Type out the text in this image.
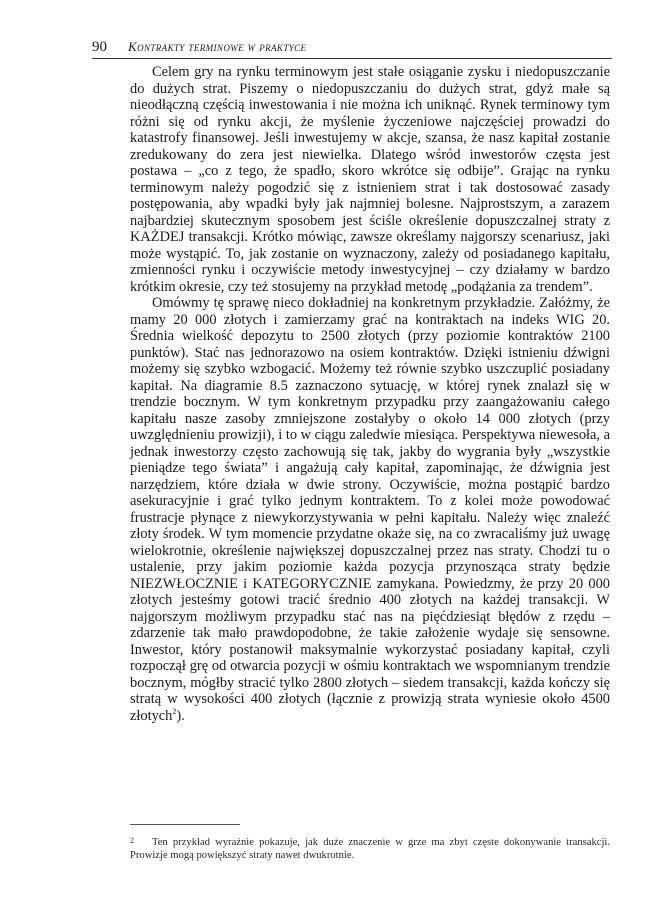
90 Kontrakty terminowe w praktyce

Celem gry na rynku terminowym jest stałe osiąganie zysku i niedopuszczanie do dużych strat. Piszemy o niedopuszczaniu do dużych strat, gdyż małe są nieodłączną częścią inwestowania i nie można ich uniknąć. Rynek terminowy tym różni się od rynku akcji, że myślenie życzeniowe najczęściej prowadzi do katastrofy finansowej. Jeśli inwestujemy w akcje, szansa, że nasz kapitał zostanie zredukowany do zera jest niewielka. Dlatego wśród inwestorów częsta jest postawa – „co z tego, że spadło, skoro wkrótce się odbije”. Grając na rynku terminowym należy pogodzić się z istnieniem strat i tak dostosować zasady postępowania, aby wpadki były jak najmniej bolesne. Najprostszym, a zarazem najbardziej skutecznym sposobem jest ściśle określenie dopuszczalnej straty z KAŻDEJ transakcji. Krótko mówiąc, zawsze określamy najgorszy scenariusz, jaki może wystąpić. To, jak zostanie on wyznaczony, zależy od posiadanego kapitału, zmienności rynku i oczywiście metody inwestycyjnej – czy działamy w bardzo krótkim okresie, czy też stosujemy na przykład metodę „podążania za trendem”.

Omówmy tę sprawę nieco dokładniej na konkretnym przykładzie. Załóżmy, że mamy 20 000 złotych i zamierzamy grać na kontraktach na indeks WIG 20. Średnia wielkość depozytu to 2500 złotych (przy poziomie kontraktów 2100 punktów). Stać nas jednorazowo na osiem kontraktów. Dzięki istnieniu dźwigni możemy się szybko wzbogacić. Możemy też równie szybko uszczuplić posiadany kapitał. Na diagramie 8.5 zaznaczono sytuację, w której rynek znalazł się w trendzie bocznym. W tym konkretnym przypadku przy zaangażowaniu całego kapitału nasze zasoby zmniejszone zostałyby o około 14 000 złotych (przy uwzględnieniu prowizji), i to w ciągu zaledwie miesiąca. Perspektywa niewesoła, a jednak inwestorzy często zachowują się tak, jakby do wygrania były „wszystkie pieniądze tego świata” i angażują cały kapitał, zapominając, że dźwignia jest narzędziem, które działa w dwie strony. Oczywiście, można postąpić bardzo asekuracyjnie i grać tylko jednym kontraktem. To z kolei może powodować frustracje płynące z niewykorzystywania w pełni kapitału. Należy więc znaleźć złoty środek. W tym momencie przydatne okaże się, na co zwracaliśmy już uwagę wielokrotnie, określenie największej dopuszczalnej przez nas straty. Chodzi tu o ustalenie, przy jakim poziomie każda pozycja przynosząca straty będzie NIEZWŁOCZNIE i KATEGORYCZNIE zamykana. Powiedzmy, że przy 20 000 złotych jesteśmy gotowi tracić średnio 400 złotych na każdej transakcji. W najgorszym możliwym przypadku stać nas na pięćdziesiąt błędów z rzędu – zdarzenie tak mało prawdopodobne, że takie założenie wydaje się sensowne. Inwestor, który postanowił maksymalnie wykorzystać posiadany kapitał, czyli rozpoczął grę od otwarcia pozycji w ośmiu kontraktach we wspomnianym trendzie bocznym, mógłby stracić tylko 2800 złotych – siedem transakcji, każda kończy się stratą w wysokości 400 złotych (łącznie z prowizją strata wyniesie około 4500 złotych$^2$).

2 Ten przykład wyraźnie pokazuje, jak duże znaczenie w grze ma zbyt częste dokonywanie transakcji. Prowizje mogą powiększyć straty nawet dwukrotnie.
